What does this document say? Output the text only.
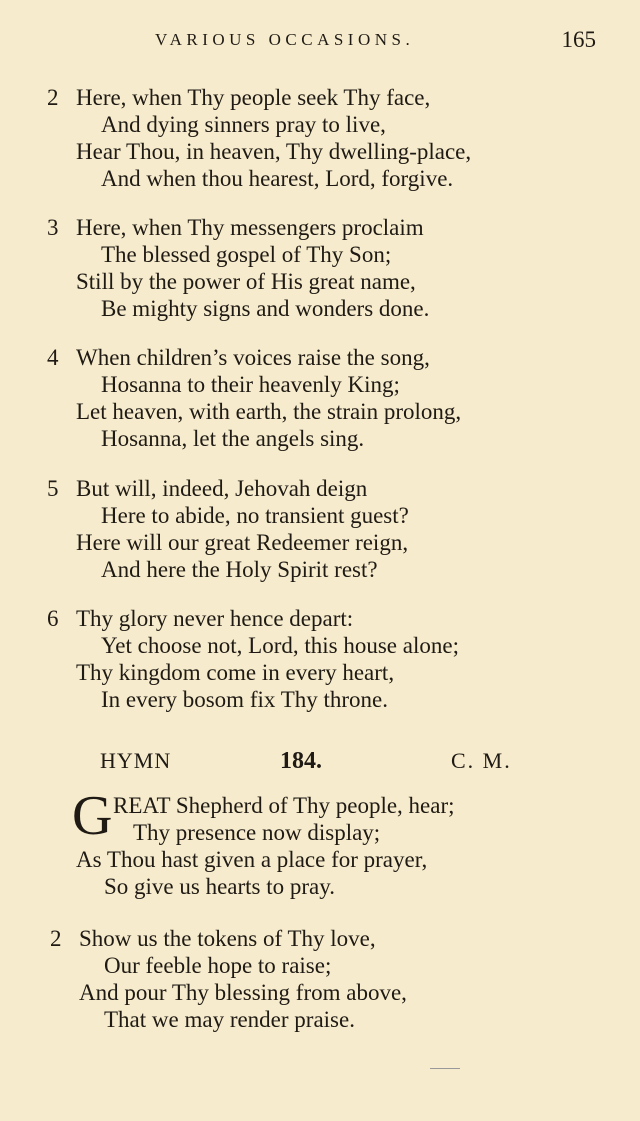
VARIOUS OCCASIONS.	165
2 Here, when Thy people seek Thy face,
And dying sinners pray to live,
Hear Thou, in heaven, Thy dwelling-place,
And when thou hearest, Lord, forgive.
3 Here, when Thy messengers proclaim
The blessed gospel of Thy Son;
Still by the power of His great name,
Be mighty signs and wonders done.
4 When children’s voices raise the song,
Hosanna to their heavenly King;
Let heaven, with earth, the strain prolong,
Hosanna, let the angels sing.
5 But will, indeed, Jehovah deign
Here to abide, no transient guest?
Here will our great Redeemer reign,
And here the Holy Spirit rest?
6 Thy glory never hence depart:
Yet choose not, Lord, this house alone;
Thy kingdom come in every heart,
In every bosom fix Thy throne.
HYMN	184.	C. M.
G REAT Shepherd of Thy people, hear;
Thy presence now display;
As Thou hast given a place for prayer,
So give us hearts to pray.
2 Show us the tokens of Thy love,
Our feeble hope to raise;
And pour Thy blessing from above,
That we may render praise.
